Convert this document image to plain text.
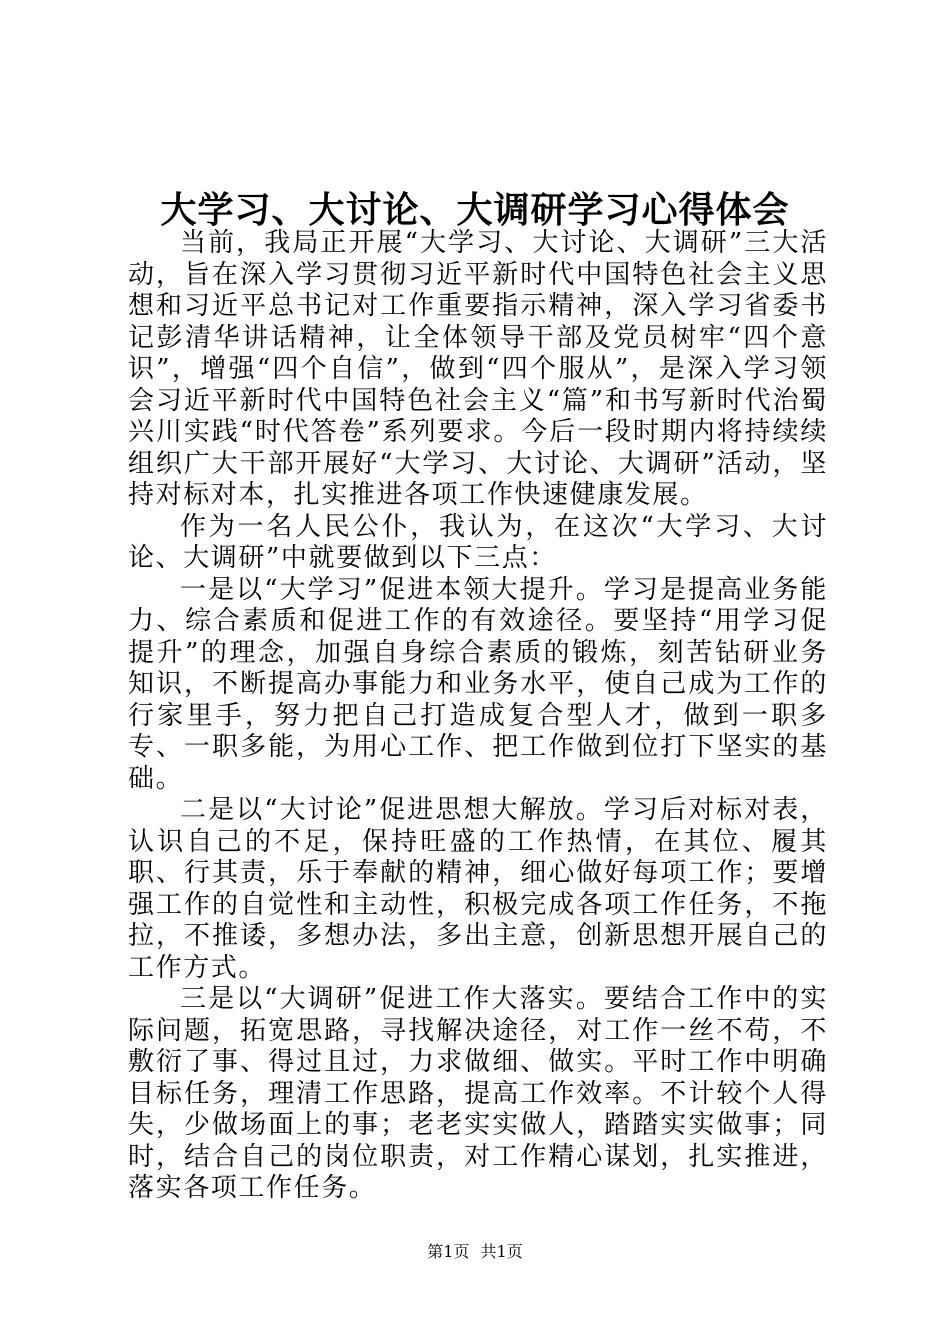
大学习、大讨论、大调研学习心得体会

当前，我局正开展“大学习、大讨论、大调研”三大活动，旨在深入学习贯彻习近平新时代中国特色社会主义思想和习近平总书记对工作重要指示精神，深入学习省委书记彭清华讲话精神，让全体领导干部及党员树牢“四个意识”，增强“四个自信”，做到“四个服从”，是深入学习领会习近平新时代中国特色社会主义“篇”和书写新时代治蜀兴川实践“时代答卷”系列要求。今后一段时期内将持续续组织广大干部开展好“大学习、大讨论、大调研”活动，坚持对标对本，扎实推进各项工作快速健康发展。

作为一名人民公仆，我认为，在这次“大学习、大讨论、大调研”中就要做到以下三点：

一是以“大学习”促进本领大提升。学习是提高业务能力、综合素质和促进工作的有效途径。要坚持“用学习促提升”的理念，加强自身综合素质的锻炼，刻苦钻研业务知识，不断提高办事能力和业务水平，使自己成为工作的行家里手，努力把自己打造成复合型人才，做到一职多专、一职多能，为用心工作、把工作做到位打下坚实的基础。

二是以“大讨论”促进思想大解放。学习后对标对表，认识自己的不足，保持旺盛的工作热情，在其位、履其职、行其责，乐于奉献的精神，细心做好每项工作；要增强工作的自觉性和主动性，积极完成各项工作任务，不拖拉，不推诿，多想办法，多出主意，创新思想开展自己的工作方式。

三是以“大调研”促进工作大落实。要结合工作中的实际问题，拓宽思路，寻找解决途径，对工作一丝不苟，不敷衍了事、得过且过，力求做细、做实。平时工作中明确目标任务，理清工作思路，提高工作效率。不计较个人得失，少做场面上的事；老老实实做人，踏踏实实做事；同时，结合自己的岗位职责，对工作精心谋划，扎实推进，落实各项工作任务。

第1页 共1页
